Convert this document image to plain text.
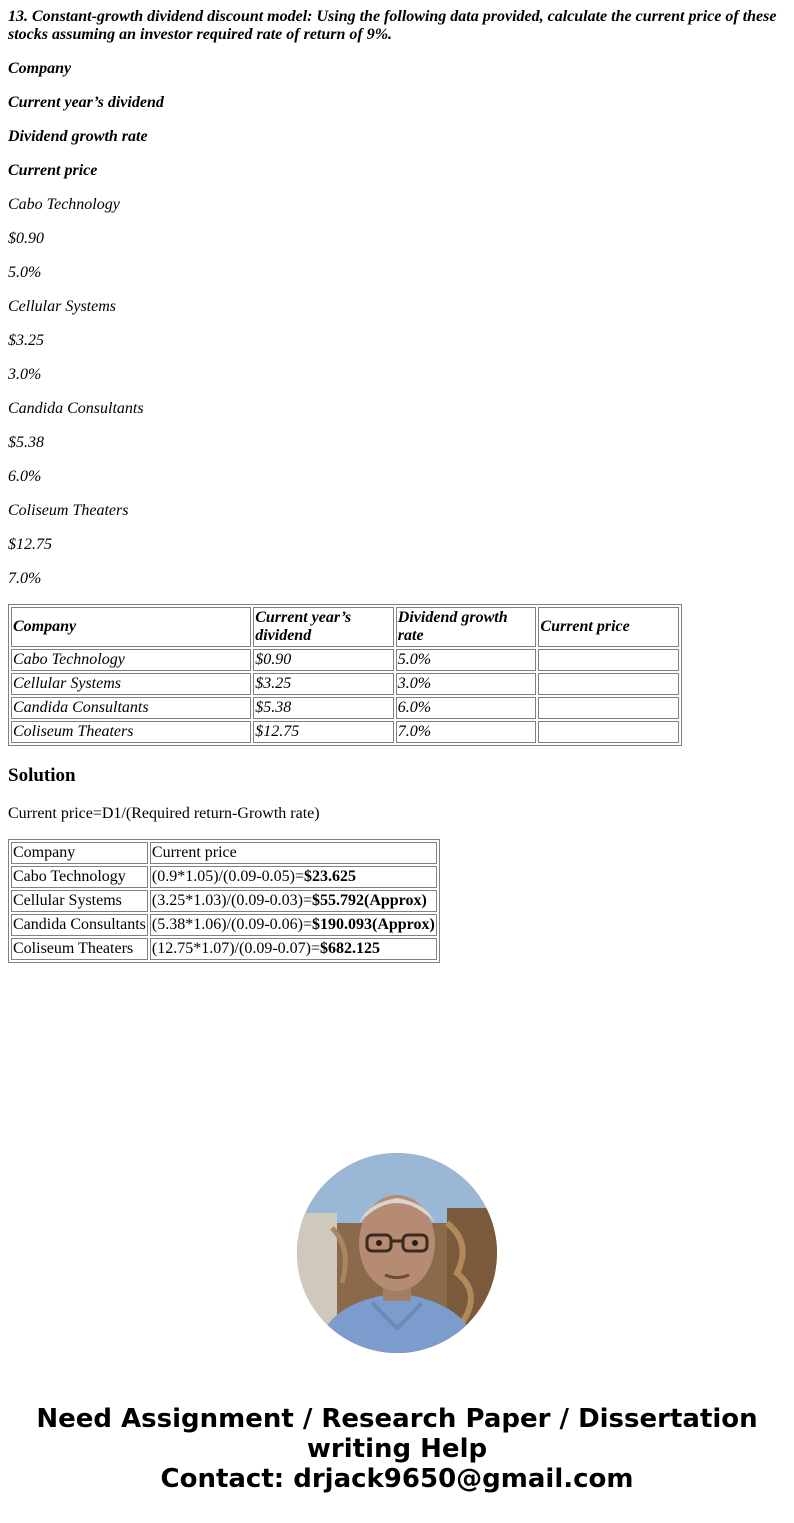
13. Constant-growth dividend discount model: Using the following data provided, calculate the current price of these stocks assuming an investor required rate of return of 9%.

Company

Current year’s dividend

Dividend growth rate

Current price

Cabo Technology

$0.90

5.0%

Cellular Systems

$3.25

3.0%

Candida Consultants

$5.38

6.0%

Coliseum Theaters

$12.75

7.0%

Company	Current year’s dividend	Dividend growth rate	Current price
Cabo Technology	$0.90	5.0%	
Cellular Systems	$3.25	3.0%	
Candida Consultants	$5.38	6.0%	
Coliseum Theaters	$12.75	7.0%	
Solution

Current price=D1/(Required return-Growth rate)

Company	Current price
Cabo Technology	(0.9*1.05)/(0.09-0.05)=$23.625
Cellular Systems	(3.25*1.03)/(0.09-0.03)=$55.792(Approx)
Candida Consultants	(5.38*1.06)/(0.09-0.06)=$190.093(Approx)
Coliseum Theaters	(12.75*1.07)/(0.09-0.07)=$682.125
Need Assignment / Research Paper / Dissertation
writing Help
Contact: drjack9650@gmail.com
